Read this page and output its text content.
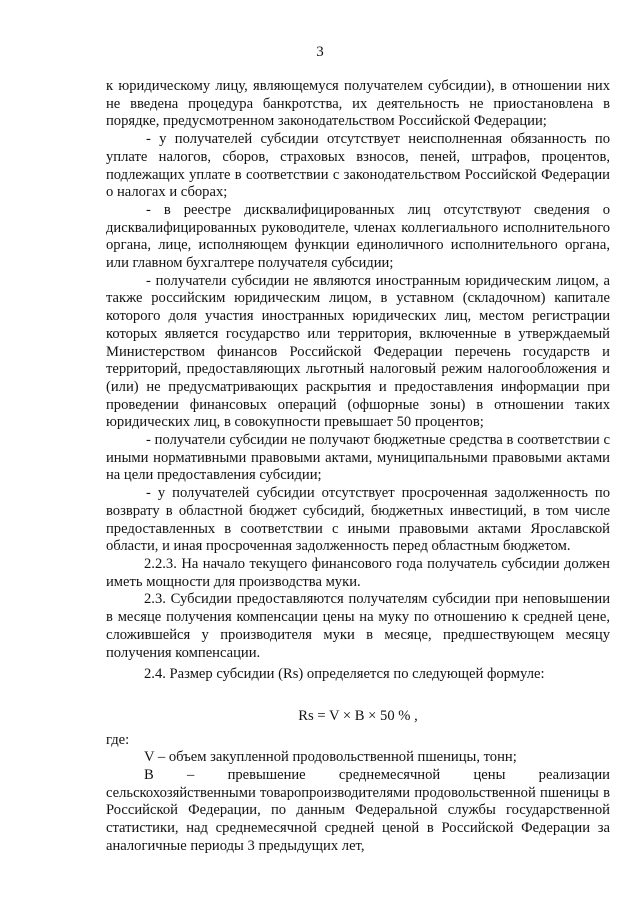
3

к юридическому лицу, являющемуся получателем субсидии), в отношении них не введена процедура банкротства, их деятельность не приостановлена в порядке, предусмотренном законодательством Российской Федерации;

- у получателей субсидии отсутствует неисполненная обязанность по уплате налогов, сборов, страховых взносов, пеней, штрафов, процентов, подлежащих уплате в соответствии с законодательством Российской Федерации о налогах и сборах;

- в реестре дисквалифицированных лиц отсутствуют сведения о дисквалифицированных руководителе, членах коллегиального исполнительного органа, лице, исполняющем функции единоличного исполнительного органа, или главном бухгалтере получателя субсидии;

- получатели субсидии не являются иностранным юридическим лицом, а также российским юридическим лицом, в уставном (складочном) капитале которого доля участия иностранных юридических лиц, местом регистрации которых является государство или территория, включенные в утверждаемый Министерством финансов Российской Федерации перечень государств и территорий, предоставляющих льготный налоговый режим налогообложения и (или) не предусматривающих раскрытия и предоставления информации при проведении финансовых операций (офшорные зоны) в отношении таких юридических лиц, в совокупности превышает 50 процентов;

- получатели субсидии не получают бюджетные средства в соответствии с иными нормативными правовыми актами, муниципальными правовыми актами на цели предоставления субсидии;

- у получателей субсидии отсутствует просроченная задолженность по возврату в областной бюджет субсидий, бюджетных инвестиций, в том числе предоставленных в соответствии с иными правовыми актами Ярославской области, и иная просроченная задолженность перед областным бюджетом.

2.2.3. На начало текущего финансового года получатель субсидии должен иметь мощности для производства муки.

2.3. Субсидии предоставляются получателям субсидии при неповышении в месяце получения компенсации цены на муку по отношению к средней цене, сложившейся у производителя муки в месяце, предшествующем месяцу получения компенсации.

2.4. Размер субсидии (Rs) определяется по следующей формуле:

Rs = V × B × 50 % ,

где:

V – объем закупленной продовольственной пшеницы, тонн;

B – превышение среднемесячной цены реализации сельскохозяйственными товаропроизводителями продовольственной пшеницы в Российской Федерации, по данным Федеральной службы государственной статистики, над среднемесячной средней ценой в Российской Федерации за аналогичные периоды 3 предыдущих лет,
